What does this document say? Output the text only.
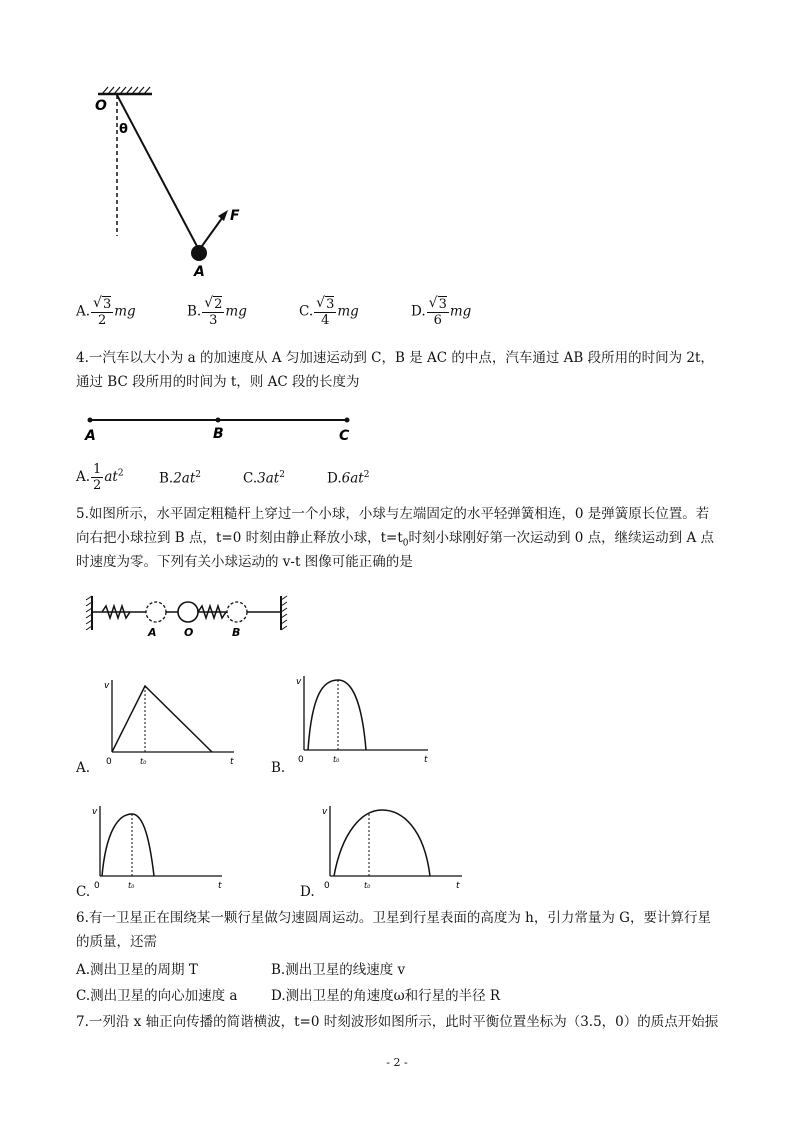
O
θ
F
A
A. $\frac{√ 3}{2}$ mg	B. $\frac{√ 2}{3}$ mg	C. $\frac{√ 3}{4}$ mg	D. $\frac{√ 3}{6}$ mg
4.一汽车以大小为 a 的加速度从 A 匀加速运动到 C，B 是 AC 的中点，汽车通过 AB 段所用的时间为 2t，
通过 BC 段所用的时间为 t，则 AC 段的长度为
A	B	C
A. $\frac{1}{2} at^2$	$B.2at^2$	$C.3at^2$	$D.6at^2$
5.如图所示，水平固定粗糙杆上穿过一个小球，小球与左端固定的水平轻弹簧相连，0 是弹簧原长位置。若
向右把小球拉到 B 点，t=0 时刻由静止释放小球，$t=t_0$时刻小球刚好第一次运动到 0 点，继续运动到 A 点
时速度为零。下列有关小球运动的 v-t 图像可能正确的是
A O	B
v
0	t₀	t
A.
v
0	t₀	t
B.
v
0	t₀	t
C.
v
0	t₀	t
D.
6.有一卫星正在围绕某一颗行星做匀速圆周运动。卫星到行星表面的高度为 h，引力常量为 G，要计算行星
的质量，还需
A.测出卫星的周期 T	B.测出卫星的线速度 v
C.测出卫星的向心加速度 a D.测出卫星的角速度ω和行星的半径 R
7.一列沿 x 轴正向传播的简谐横波，t=0 时刻波形如图所示，此时平衡位置坐标为（3.5，0）的质点开始振
- 2 -
